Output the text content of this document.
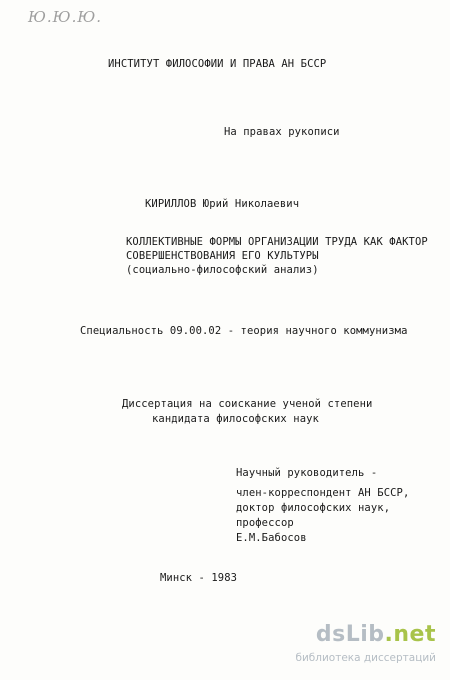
Ю.Ю.Ю.
ИНСТИТУТ ФИЛОСОФИИ И ПРАВА АН БССР
На правах рукописи
КИРИЛЛОВ Юрий Николаевич
КОЛЛЕКТИВНЫЕ ФОРМЫ ОРГАНИЗАЦИИ ТРУДА КАК ФАКТОР
СОВЕРШЕНСТВОВАНИЯ ЕГО КУЛЬТУРЫ
(социально-философский анализ)
Специальность 09.00.02 - теория научного коммунизма
Диссертация на соискание ученой степени
кандидата философских наук
Научный руководитель -
член-корреспондент АН БССР,
доктор философских наук,
профессор
Е.М.Бабосов
Минск - 1983
dsLib.net
библиотека диссертаций
